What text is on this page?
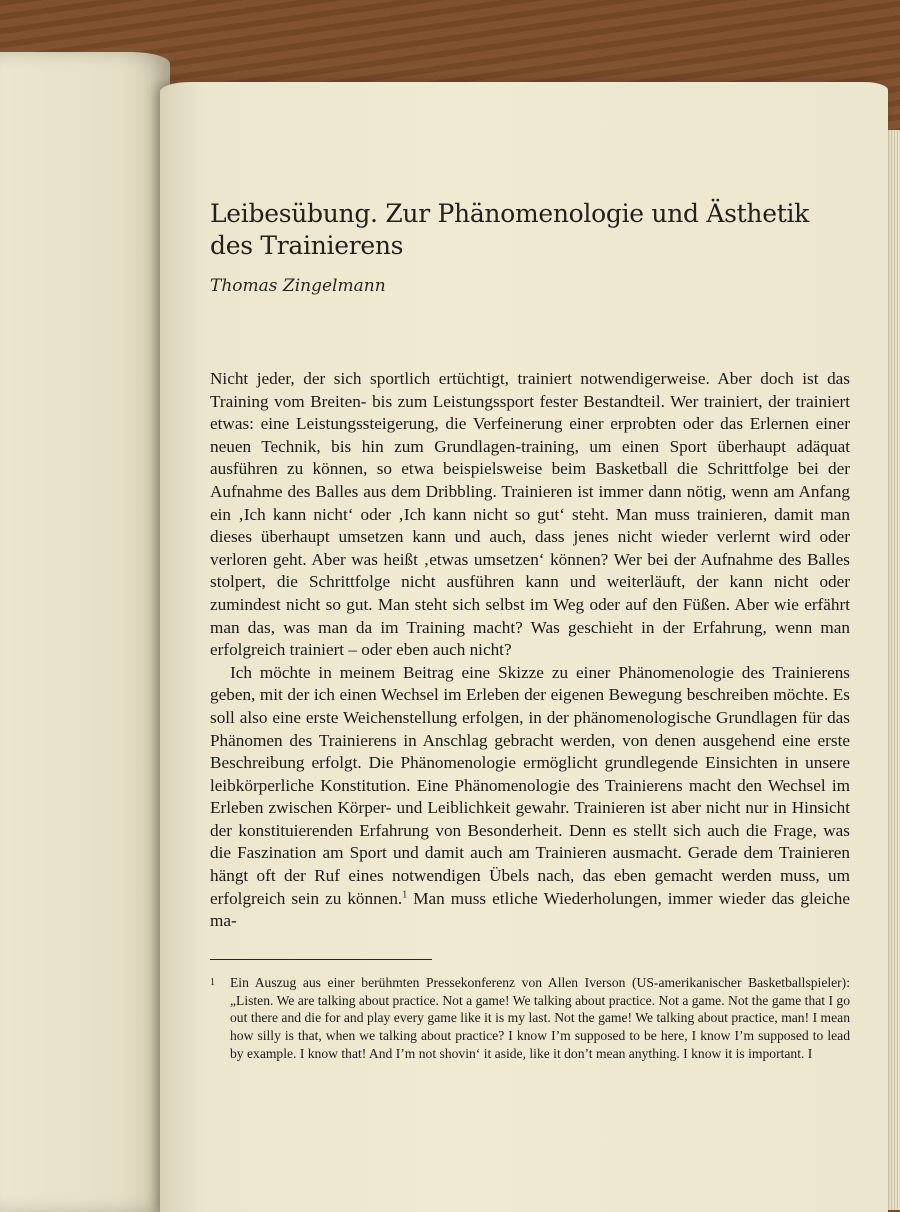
Leibesübung. Zur Phänomenologie und Ästhetik des Trainierens
Thomas Zingelmann

Nicht jeder, der sich sportlich ertüchtigt, trainiert notwendigerweise. Aber doch ist das Training vom Breiten- bis zum Leistungssport fester Bestandteil. Wer trainiert, der trainiert etwas: eine Leistungssteigerung, die Verfeinerung einer erprobten oder das Erlernen einer neuen Technik, bis hin zum Grundlagen-training, um einen Sport überhaupt adäquat ausführen zu können, so etwa beispielsweise beim Basketball die Schrittfolge bei der Aufnahme des Balles aus dem Dribbling. Trainieren ist immer dann nötig, wenn am Anfang ein ‚Ich kann nicht‘ oder ‚Ich kann nicht so gut‘ steht. Man muss trainieren, damit man dieses überhaupt umsetzen kann und auch, dass jenes nicht wieder verlernt wird oder verloren geht. Aber was heißt ‚etwas umsetzen‘ können? Wer bei der Aufnahme des Balles stolpert, die Schrittfolge nicht ausführen kann und weiterläuft, der kann nicht oder zumindest nicht so gut. Man steht sich selbst im Weg oder auf den Füßen. Aber wie erfährt man das, was man da im Training macht? Was geschieht in der Erfahrung, wenn man erfolgreich trainiert – oder eben auch nicht?

Ich möchte in meinem Beitrag eine Skizze zu einer Phänomenologie des Trainierens geben, mit der ich einen Wechsel im Erleben der eigenen Bewegung beschreiben möchte. Es soll also eine erste Weichenstellung erfolgen, in der phänomenologische Grundlagen für das Phänomen des Trainierens in Anschlag gebracht werden, von denen ausgehend eine erste Beschreibung erfolgt. Die Phänomenologie ermöglicht grundlegende Einsichten in unsere leibkörperliche Konstitution. Eine Phänomenologie des Trainierens macht den Wechsel im Erleben zwischen Körper- und Leiblichkeit gewahr. Trainieren ist aber nicht nur in Hinsicht der konstituierenden Erfahrung von Besonderheit. Denn es stellt sich auch die Frage, was die Faszination am Sport und damit auch am Trainieren ausmacht. Gerade dem Trainieren hängt oft der Ruf eines notwendigen Übels nach, das eben gemacht werden muss, um erfolgreich sein zu können.$^1$ Man muss etliche Wiederholungen, immer wieder das gleiche ma-

1	Ein Auszug aus einer berühmten Pressekonferenz von Allen Iverson (US-amerikanischer Basketballspieler): „Listen. We are talking about practice. Not a game! We talking about practice. Not a game. Not the game that I go out there and die for and play every game like it is my last. Not the game! We talking about practice, man! I mean how silly is that, when we talking about practice? I know I’m supposed to be here, I know I’m supposed to lead by example. I know that! And I’m not shovin‘ it aside, like it don’t mean anything. I know it is important. I
